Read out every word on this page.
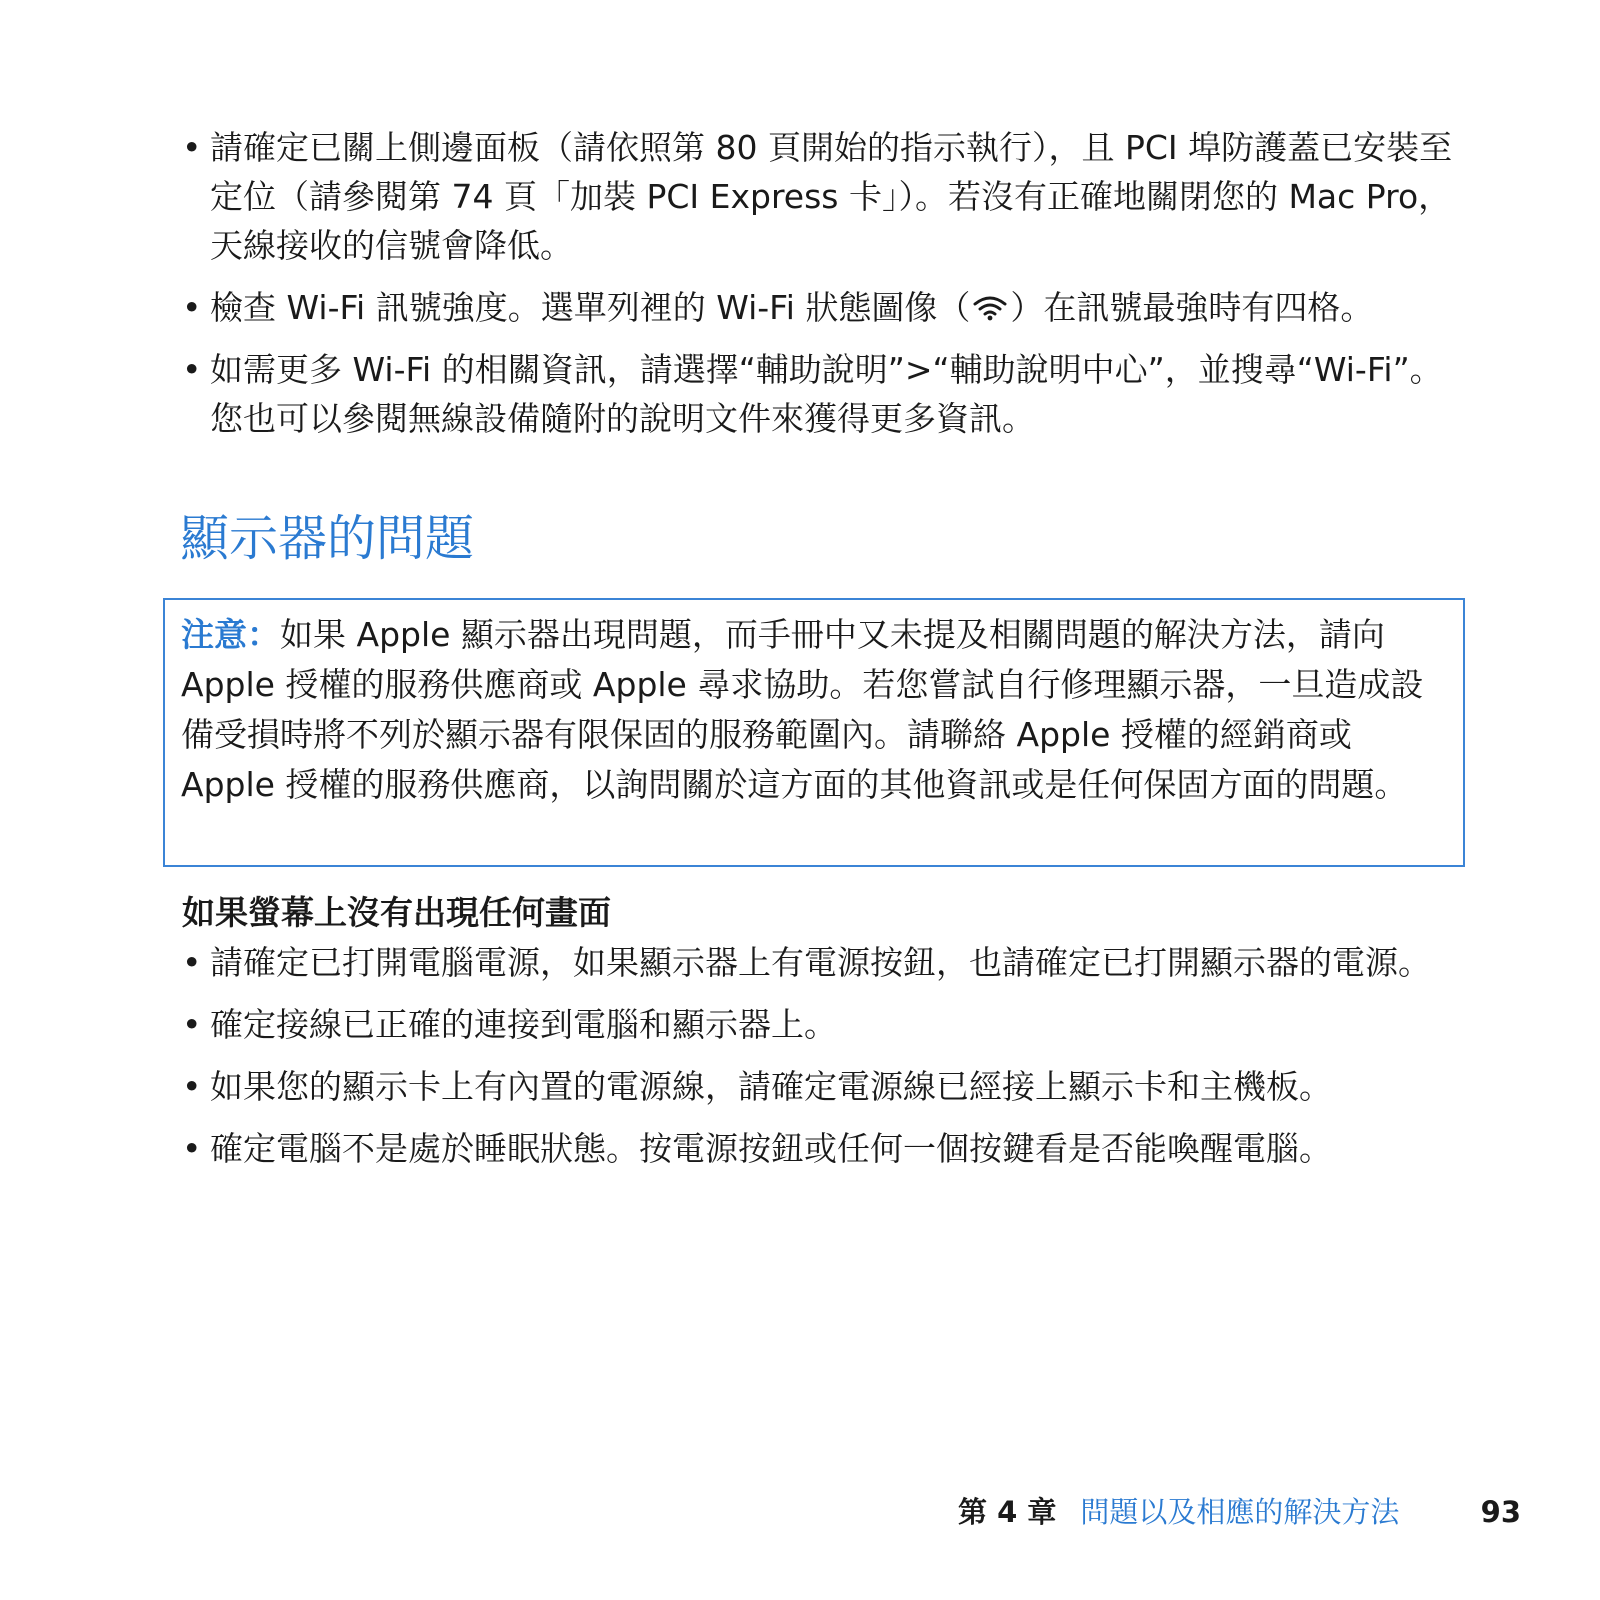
• 請確定已關上側邊面板（請依照第 80 頁開始的指示執行），且 PCI 埠防護蓋已安裝至定位（請參閱第 74 頁「加裝 PCI Express 卡」）。若沒有正確地關閉您的 Mac Pro，天線接收的信號會降低。
• 檢查 Wi-Fi 訊號強度。選單列裡的 Wi-Fi 狀態圖像（ ）在訊號最強時有四格。
• 如需更多 Wi-Fi 的相關資訊，請選擇“輔助說明”>“輔助說明中心”，並搜尋“Wi-Fi”。您也可以參閱無線設備隨附的說明文件來獲得更多資訊。
顯示器的問題

注意：如果 Apple 顯示器出現問題，而手冊中又未提及相關問題的解決方法，請向 Apple 授權的服務供應商或 Apple 尋求協助。若您嘗試自行修理顯示器，一旦造成設備受損時將不列於顯示器有限保固的服務範圍內。請聯絡 Apple 授權的經銷商或 Apple 授權的服務供應商，以詢問關於這方面的其他資訊或是任何保固方面的問題。

如果螢幕上沒有出現任何畫面
• 請確定已打開電腦電源，如果顯示器上有電源按鈕，也請確定已打開顯示器的電源。
• 確定接線已正確的連接到電腦和顯示器上。
• 如果您的顯示卡上有內置的電源線，請確定電源線已經接上顯示卡和主機板。
• 確定電腦不是處於睡眠狀態。按電源按鈕或任何一個按鍵看是否能喚醒電腦。
第 4 章 問題以及相應的解決方法	93
